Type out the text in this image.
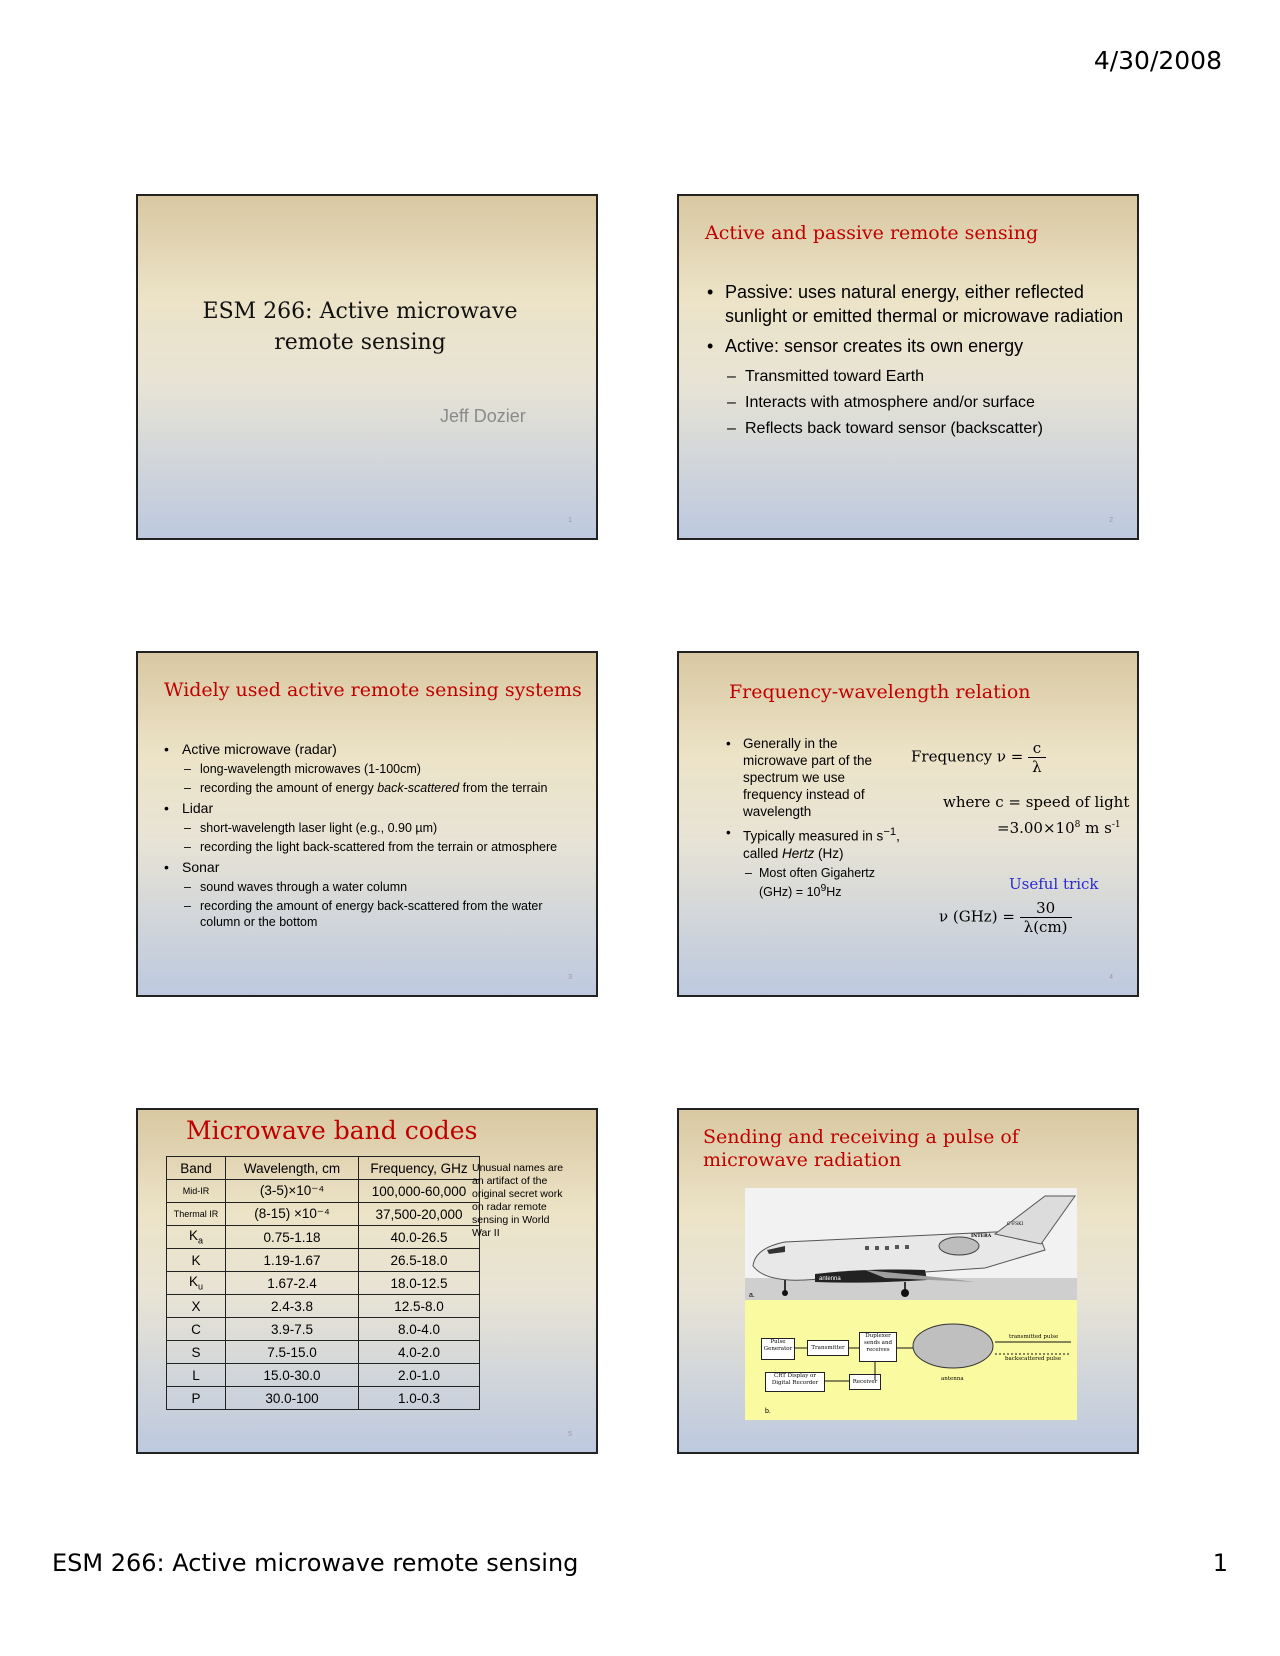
4/30/2008
ESM 266: Active microwave
remote sensing
Jeff Dozier
1
Active and passive remote sensing
• Passive: uses natural energy, either reflected sunlight or emitted thermal or microwave radiation
• Active: sensor creates its own energy
– Transmitted toward Earth
– Interacts with atmosphere and/or surface
– Reflects back toward sensor (backscatter)
2
Widely used active remote sensing systems
• Active microwave (radar)
– long-wavelength microwaves (1-100cm)
– recording the amount of energy back-scattered from the terrain
• Lidar
– short-wavelength laser light (e.g., 0.90 µm)
– recording the light back-scattered from the terrain or atmosphere
• Sonar
– sound waves through a water column
– recording the amount of energy back-scattered from the water column or the bottom
3
Frequency-wavelength relation
• Generally in the microwave part of the spectrum we use frequency instead of wavelength
• Typically measured in $s^{-1}$, called Hertz (Hz)
– Most often Gigahertz $(GHz) = 10^9Hz$
Frequency $\nu = \frac{c}{\lambda}$
where c = speed of light
$=3.00\times 10^8$ m $s^{-1}$
Useful trick
ν $(GHz) = \frac{30}{\lambda(cm)}$
4
Microwave band codes
Band	Wavelength, cm	Frequency, GHz
Mid-IR	(3-5)×10⁻⁴	100,000-60,000
Thermal IR	(8-15) ×10⁻⁴	37,500-20,000
$K_a$	0.75-1.18	40.0-26.5
K	1.19-1.67	26.5-18.0
$K_u$	1.67-2.4	18.0-12.5
X	2.4-3.8	12.5-8.0
C	3.9-7.5	8.0-4.0
S	7.5-15.0	4.0-2.0
L	15.0-30.0	2.0-1.0
P	30.0-100	1.0-0.3
Unusual names are an artifact of the original secret work on radar remote sensing in World War II
5
Sending and receiving a pulse of microwave radiation
antenna
C-FSKI
INTERA
a.
b.
Pulse Generator	Transmitter
Duplexer sends and receives
Receiver
CRT Display or Digital Recorder
transmitted pulse
backscattered pulse
antenna
ESM 266: Active microwave remote sensing	1
